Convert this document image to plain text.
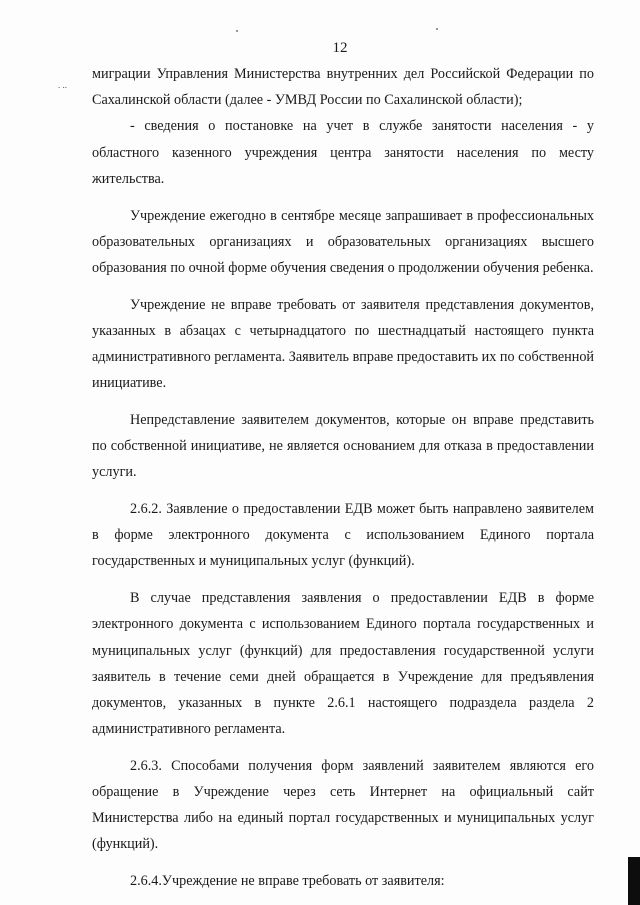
12
. ..

миграции Управления Министерства внутренних дел Российской Федерации по Сахалинской области (далее - УМВД России по Сахалинской области);

- сведения о постановке на учет в службе занятости населения - у областного казенного учреждения центра занятости населения по месту жительства.

Учреждение ежегодно в сентябре месяце запрашивает в профессиональных образовательных организациях и образовательных организациях высшего образования по очной форме обучения сведения о продолжении обучения ребенка.

Учреждение не вправе требовать от заявителя представления документов, указанных в абзацах с четырнадцатого по шестнадцатый настоящего пункта административного регламента. Заявитель вправе предоставить их по собственной инициативе.

Непредставление заявителем документов, которые он вправе представить по собственной инициативе, не является основанием для отказа в предоставлении услуги.

2.6.2. Заявление о предоставлении ЕДВ может быть направлено заявителем в форме электронного документа с использованием Единого портала государственных и муниципальных услуг (функций).

В случае представления заявления о предоставлении ЕДВ в форме электронного документа с использованием Единого портала государственных и муниципальных услуг (функций) для предоставления государственной услуги заявитель в течение семи дней обращается в Учреждение для предъявления документов, указанных в пункте 2.6.1 настоящего подраздела раздела 2 административного регламента.

2.6.3. Способами получения форм заявлений заявителем являются его обращение в Учреждение через сеть Интернет на официальный сайт Министерства либо на единый портал государственных и муниципальных услуг (функций).

2.6.4.Учреждение не вправе требовать от заявителя:
